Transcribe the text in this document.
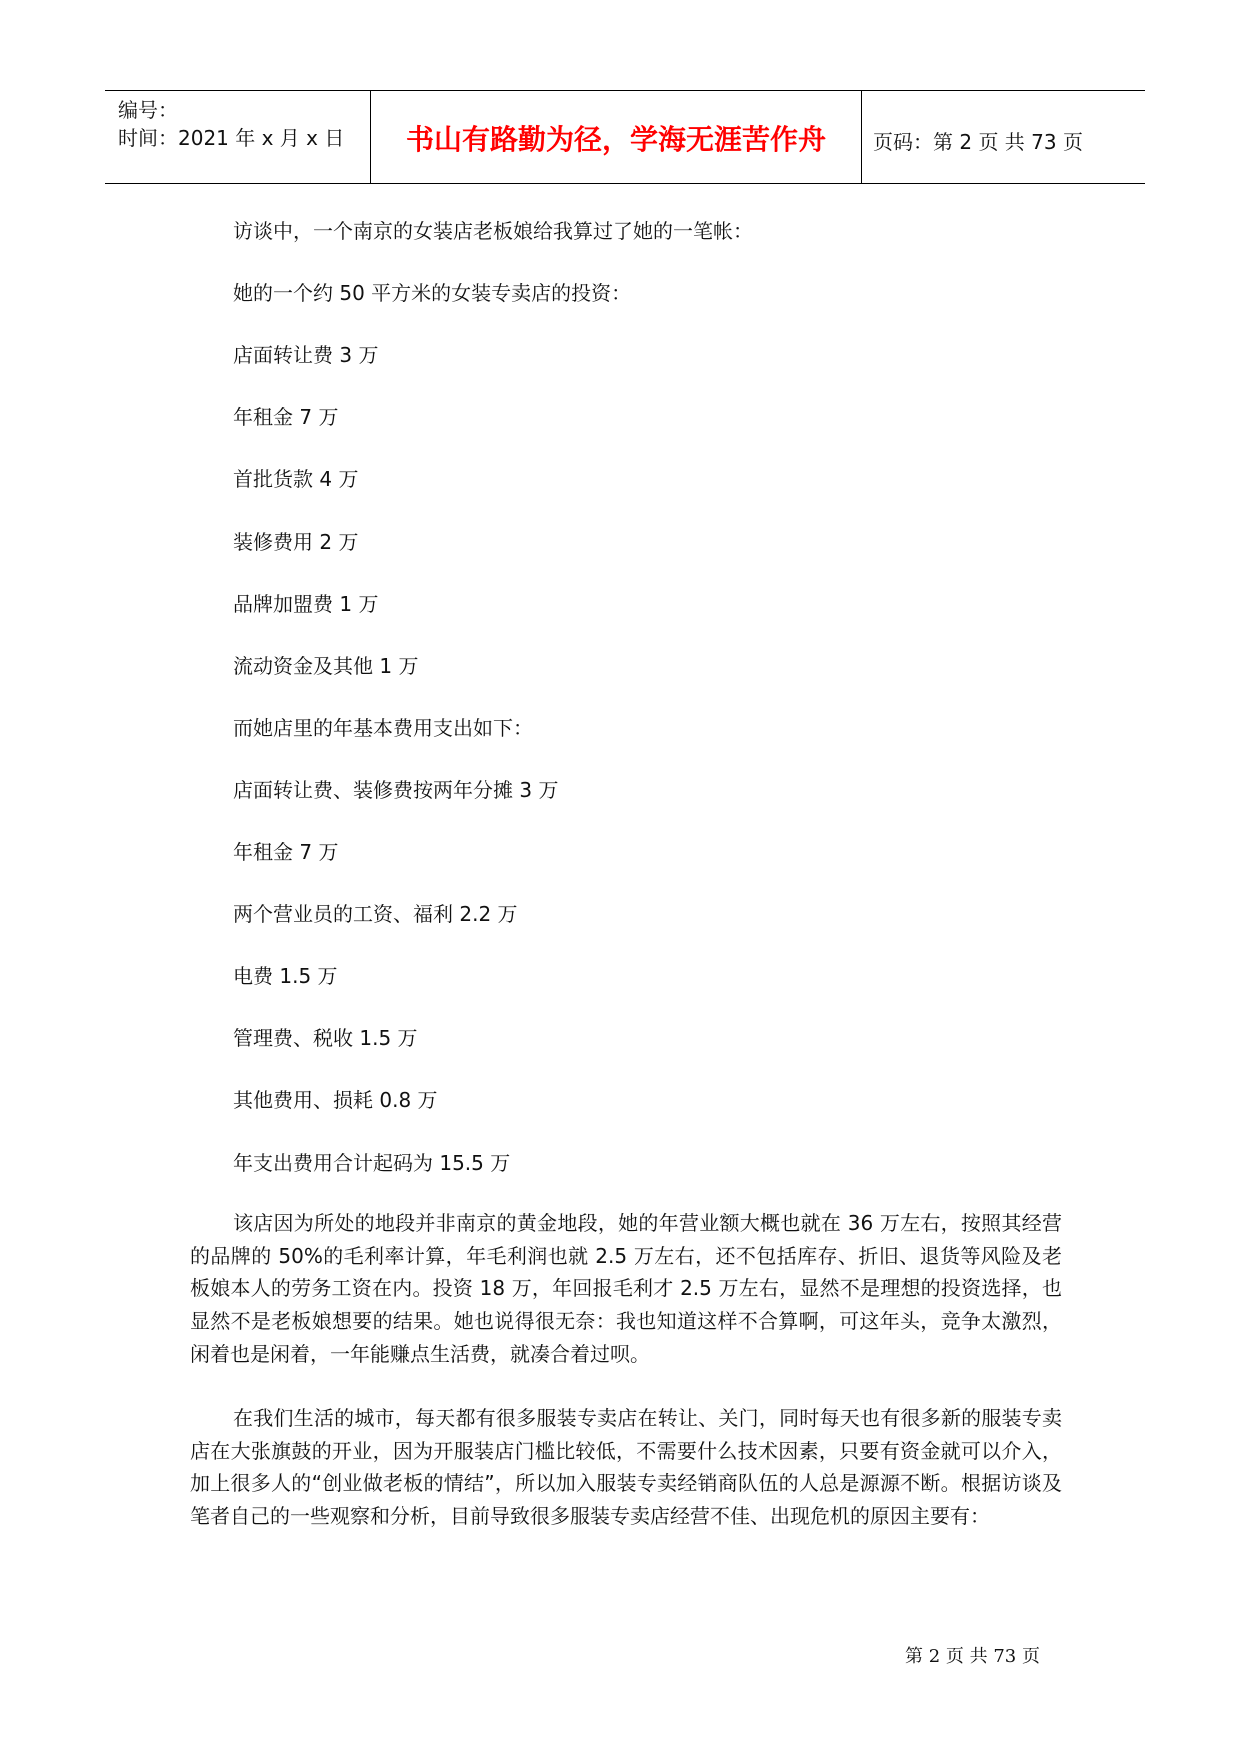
编号：
时间：2021 年 x 月 x 日	书山有路勤为径，学海无涯苦作舟	页码：第 2 页 共 73 页
访谈中，一个南京的女装店老板娘给我算过了她的一笔帐：
她的一个约 50 平方米的女装专卖店的投资：
店面转让费 3 万
年租金 7 万
首批货款 4 万
装修费用 2 万
品牌加盟费 1 万
流动资金及其他 1 万
而她店里的年基本费用支出如下：
店面转让费、装修费按两年分摊 3 万
年租金 7 万
两个营业员的工资、福利 2.2 万
电费 1.5 万
管理费、税收 1.5 万
其他费用、损耗 0.8 万
年支出费用合计起码为 15.5 万
该店因为所处的地段并非南京的黄金地段，她的年营业额大概也就在 36 万左右，按照其经营的品牌的 50%的毛利率计算，年毛利润也就 2.5 万左右，还不包括库存、折旧、退货等风险及老板娘本人的劳务工资在内。投资 18 万，年回报毛利才 2.5 万左右，显然不是理想的投资选择，也显然不是老板娘想要的结果。她也说得很无奈：我也知道这样不合算啊，可这年头，竞争太激烈，闲着也是闲着，一年能赚点生活费，就凑合着过呗。
在我们生活的城市，每天都有很多服装专卖店在转让、关门，同时每天也有很多新的服装专卖店在大张旗鼓的开业，因为开服装店门槛比较低，不需要什么技术因素，只要有资金就可以介入，加上很多人的“创业做老板的情结”，所以加入服装专卖经销商队伍的人总是源源不断。根据访谈及笔者自己的一些观察和分析，目前导致很多服装专卖店经营不佳、出现危机的原因主要有：
第 2 页 共 73 页
